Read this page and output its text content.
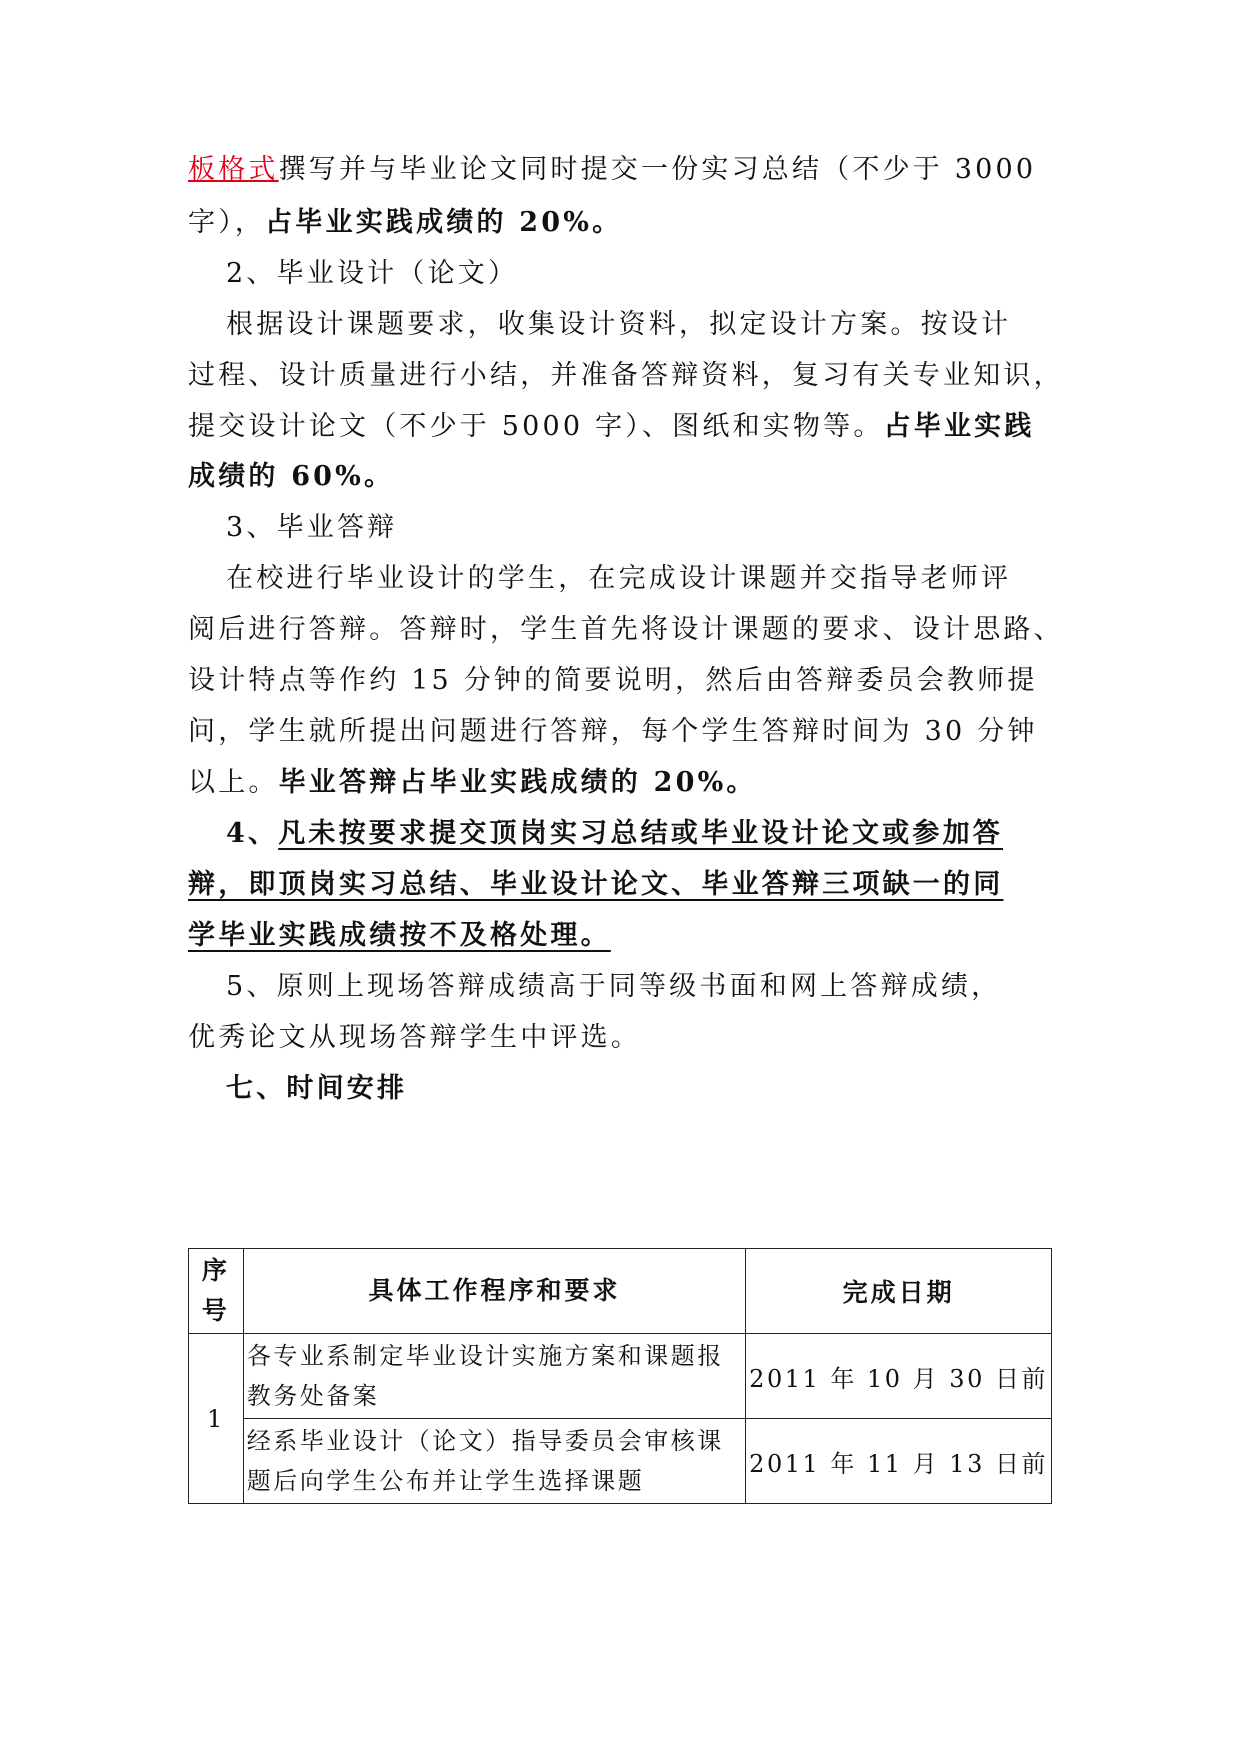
板格式撰写并与毕业论文同时提交一份实习总结（不少于 3000
字），占毕业实践成绩的 20%。
2、毕业设计（论文）
根据设计课题要求，收集设计资料，拟定设计方案。按设计
过程、设计质量进行小结，并准备答辩资料，复习有关专业知识，
提交设计论文（不少于 5000 字）、图纸和实物等。占毕业实践
成绩的 60%。
3、毕业答辩
在校进行毕业设计的学生，在完成设计课题并交指导老师评
阅后进行答辩。答辩时，学生首先将设计课题的要求、设计思路、
设计特点等作约 15 分钟的简要说明，然后由答辩委员会教师提
问，学生就所提出问题进行答辩，每个学生答辩时间为 30 分钟
以上。毕业答辩占毕业实践成绩的 20%。
4、凡未按要求提交顶岗实习总结或毕业设计论文或参加答
辩，即顶岗实习总结、毕业设计论文、毕业答辩三项缺一的同
学毕业实践成绩按不及格处理。
5、原则上现场答辩成绩高于同等级书面和网上答辩成绩，
优秀论文从现场答辩学生中评选。
七、时间安排
序
号	具体工作程序和要求	完成日期
1	各专业系制定毕业设计实施方案和课题报教务处备案	2011 年 10 月 30 日前
	经系毕业设计（论文）指导委员会审核课题后向学生公布并让学生选择课题	2011 年 11 月 13 日前
